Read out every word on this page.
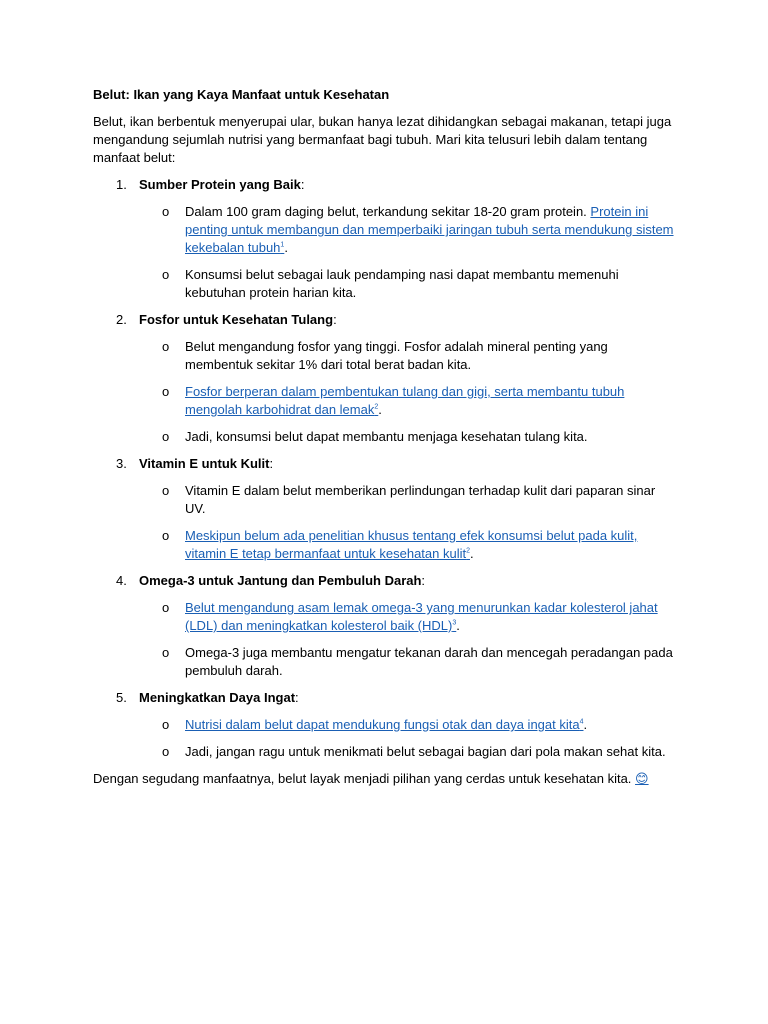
Belut: Ikan yang Kaya Manfaat untuk Kesehatan

Belut, ikan berbentuk menyerupai ular, bukan hanya lezat dihidangkan sebagai makanan, tetapi juga mengandung sejumlah nutrisi yang bermanfaat bagi tubuh. Mari kita telusuri lebih dalam tentang manfaat belut:

1. Sumber Protein yang Baik:
o Dalam 100 gram daging belut, terkandung sekitar 18-20 gram protein. Protein ini penting untuk membangun dan memperbaiki jaringan tubuh serta mendukung sistem kekebalan tubuh$^1$.
o Konsumsi belut sebagai lauk pendamping nasi dapat membantu memenuhi kebutuhan protein harian kita.
2. Fosfor untuk Kesehatan Tulang:
o Belut mengandung fosfor yang tinggi. Fosfor adalah mineral penting yang membentuk sekitar 1% dari total berat badan kita.
o Fosfor berperan dalam pembentukan tulang dan gigi, serta membantu tubuh mengolah karbohidrat dan lemak$^2$.
o Jadi, konsumsi belut dapat membantu menjaga kesehatan tulang kita.
3. Vitamin E untuk Kulit:
o Vitamin E dalam belut memberikan perlindungan terhadap kulit dari paparan sinar UV.
o Meskipun belum ada penelitian khusus tentang efek konsumsi belut pada kulit, vitamin E tetap bermanfaat untuk kesehatan kulit$^2$.
4. Omega-3 untuk Jantung dan Pembuluh Darah:
o Belut mengandung asam lemak omega-3 yang menurunkan kadar kolesterol jahat (LDL) dan meningkatkan kolesterol baik (HDL)$^3$.
o Omega-3 juga membantu mengatur tekanan darah dan mencegah peradangan pada pembuluh darah.
5. Meningkatkan Daya Ingat:
o Nutrisi dalam belut dapat mendukung fungsi otak dan daya ingat kita$^4$.
o Jadi, jangan ragu untuk menikmati belut sebagai bagian dari pola makan sehat kita.

Dengan segudang manfaatnya, belut layak menjadi pilihan yang cerdas untuk kesehatan kita. 😊
